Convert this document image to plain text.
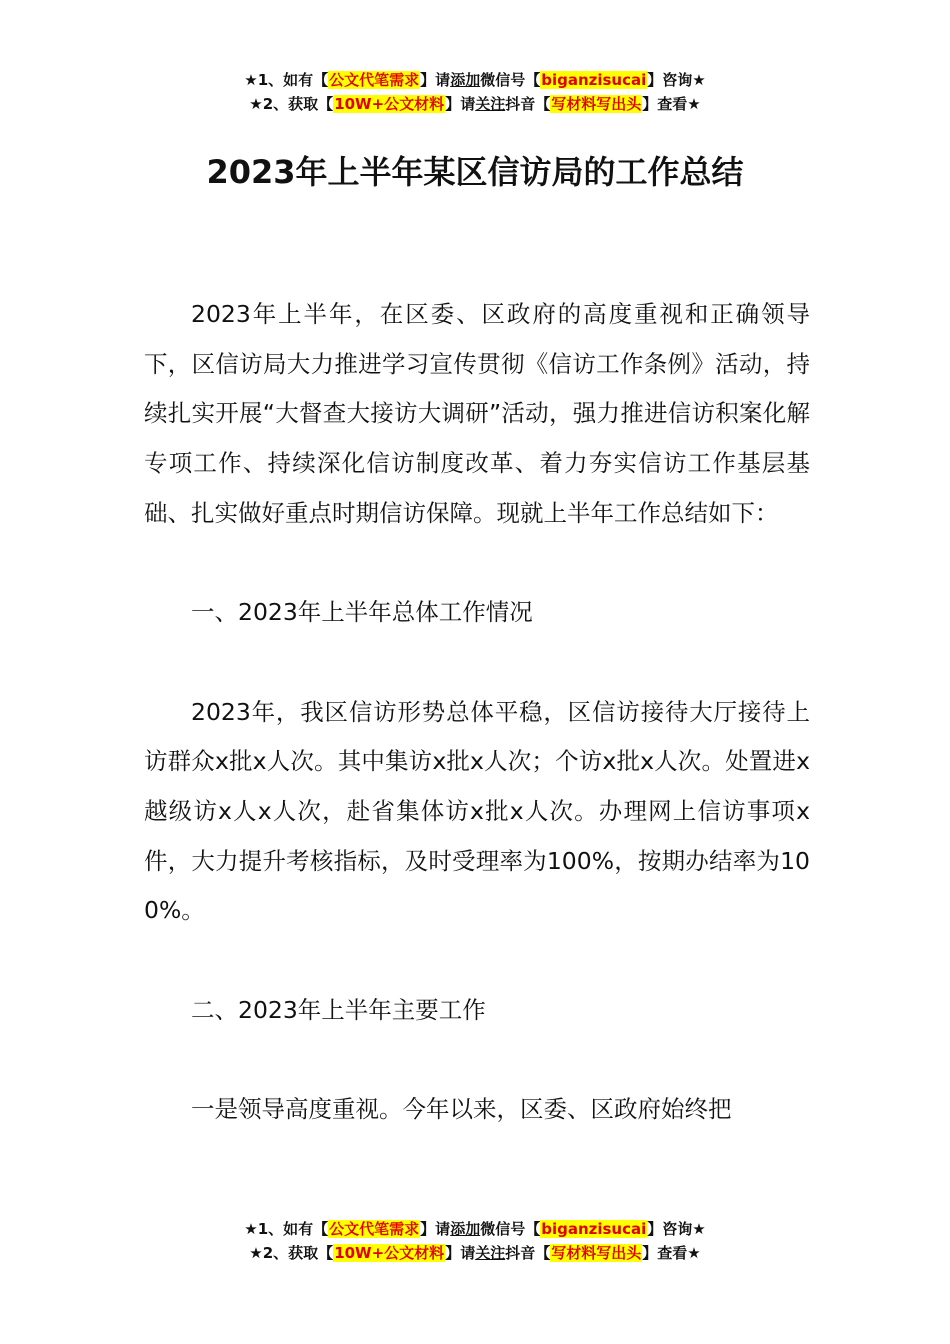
★1、如有【公文代笔需求】请添加微信号【biganzisucai】咨询★
★2、获取【10W+公文材料】请关注抖音【写材料写出头】查看★
2023年上半年某区信访局的工作总结

2023年上半年，在区委、区政府的高度重视和正确领导下，区信访局大力推进学习宣传贯彻《信访工作条例》活动，持续扎实开展“大督查大接访大调研”活动，强力推进信访积案化解专项工作、持续深化信访制度改革、着力夯实信访工作基层基础、扎实做好重点时期信访保障。现就上半年工作总结如下：

一、2023年上半年总体工作情况

2023年，我区信访形势总体平稳，区信访接待大厅接待上访群众x批x人次。其中集访x批x人次；个访x批x人次。处置进x越级访x人x人次，赴省集体访x批x人次。办理网上信访事项x件，大力提升考核指标，及时受理率为100%，按期办结率为100%。

二、2023年上半年主要工作

一是领导高度重视。今年以来，区委、区政府始终把

★1、如有【公文代笔需求】请添加微信号【biganzisucai】咨询★
★2、获取【10W+公文材料】请关注抖音【写材料写出头】查看★
